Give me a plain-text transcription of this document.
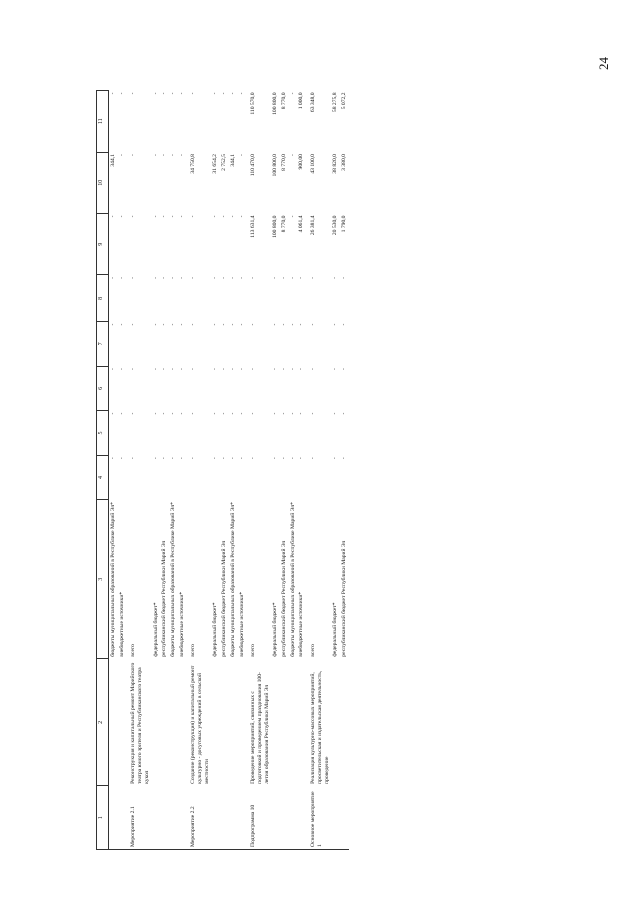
24
1	2	3	4	5	6	7	8	9	10	11
		бюджеты муниципальных образований в Республике Марий Эл*	-	-	-	-	-	-	344,1	-
		внебюджетные источники*	-	-	-	-	-	-	-	-
Мероприятие 2.1	Реконструкция и капитальный ремонт Марийского театра юного зрителя и Республиканского театра кукол	всего	-	-	-	-	-	-	-	-
		федеральный бюджет*	-	-	-	-	-	-	-	-
		республиканский бюджет Республики Марий Эл	-	-	-	-	-	-	-	-
		бюджеты муниципальных образований в Республике Марий Эл*	-	-	-	-	-	-	-	-
		внебюджетные источники*	-	-	-	-	-	-	-	-
Мероприятие 2.2	Создание (реконструкция) и капитальный ремонт культурно - досуговых учреждений в сельской местности	всего	-	-	-	-	-	-	34 750,8	-
		федеральный бюджет*	-	-	-	-	-	-	31 654,2	-
		республиканский бюджет Республики Марий Эл	-	-	-	-	-	-	2 752,5	-
		бюджеты муниципальных образований в Республике Марий Эл*	-	-	-	-	-	-	344,1	-
		внебюджетные источники*	-	-	-	-	-	-	-	-
Подпрограмма 10	Проведение мероприятий, связанных с подготовкой и проведением празднования 100-летия образования Республики Марий Эл	всего	-	-	-	-	-	113 631,4	110 470,0	110 570,0
		федеральный бюджет*	-	-	-	-	-	100 800,0	100 800,0	100 800,0
		республиканский бюджет Республики Марий Эл	-	-	-	-	-	8 770,0	8 770,0	8 770,0
		бюджеты муниципальных образований в Республике Марий Эл*	-	-	-	-	-	-	-	-
		внебюджетные источники*	-	-	-	-	-	4 061,4	900,00	1 000,0
Основное мероприятие 1	Реализация культурно-массовых мероприятий, просветительская и издательская деятельность, проведение	всего	-	-	-	-	-	26 381,4	43 100,0	63 348,0
		федеральный бюджет*	-	-	-	-	-	20 530,0	38 820,0	58 275,8
		республиканский бюджет Республики Марий Эл	-	-	-	-	-	1 790,0	3 380,0	5 072,2
